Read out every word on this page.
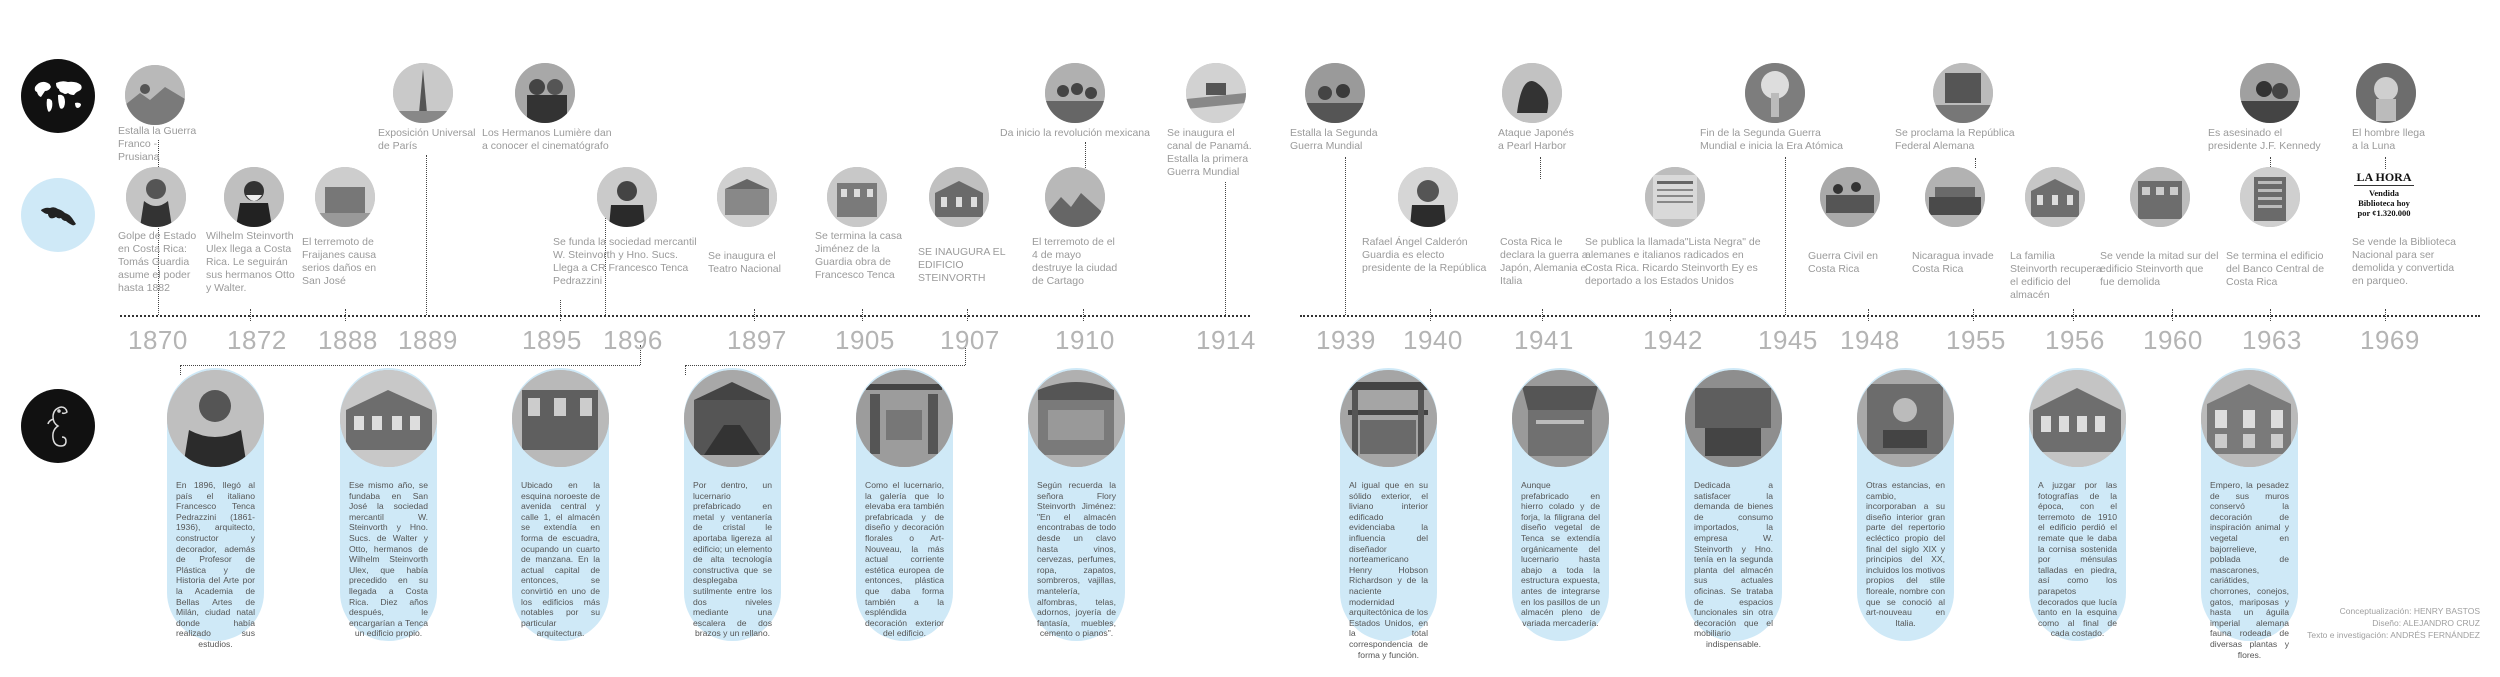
1870 1872 1888 1889 1895 1896 1897 1905 1907 1910	1914 1939 1940 1941	1942 1945 1948 1955 1956 1960 1963 1969
Estalla la Guerra Franco - Prusiana
Exposición Universal de París
Los Hermanos Lumière dan a conocer el cinematógrafo
Da inicio la revolución mexicana Se inaugura el canal de Panamá. Estalla la primera Guerra Mundial
Estalla la Segunda Guerra Mundial
Ataque Japonés a Pearl Harbor
Fin de la Segunda Guerra Mundial e inicia la Era Atómica
Se proclama la República Federal Alemana
Es asesinado el presidente J.F. Kennedy
El hombre llega a la Luna
Golpe de Estado en Costa Rica: Tomás Guardia asume el poder hasta 1882
Wilhelm Steinvorth Ulex llega a Costa Rica. Le seguirán sus hermanos Otto y Walter.
El terremoto de Fraijanes causa serios daños en San José
Se funda la sociedad mercantil W. Steinvorth y Hno. Sucs. Llega a CR Francesco Tenca Pedrazzini
Se inaugura el Teatro Nacional
Se termina la casa Jiménez de la Guardia obra de Francesco Tenca
SE INAUGURA EL EDIFICIO STEINVORTH
El terremoto de el 4 de mayo destruye la ciudad de Cartago
Rafael Ángel Calderón Guardia es electo presidente de la República
Costa Rica le declara la guerra a Japón, Alemania e Italia
Se publica la llamada"Lista Negra" de alemanes e italianos radicados en Costa Rica. Ricardo Steinvorth Ey es deportado a los Estados Unidos
Guerra Civil en Costa Rica
Nicaragua invade Costa Rica
La familia Steinvorth recupera el edificio del almacén
Se vende la mitad sur del edificio Steinvorth que fue demolida
Se termina el edificio del Banco Central de Costa Rica
LA HORA
Vendida Biblioteca hoy por ¢1.320.000
Se vende la Biblioteca Nacional para ser demolida y convertida en parqueo.
En 1896, llegó al país el italiano Francesco Tenca Pedrazzini (1861-1936), arquitecto, constructor y decorador, además de Profesor de Plástica y de Historia del Arte por la Academia de Bellas Artes de Milán, ciudad natal donde había realizado sus estudios.
Ese mismo año, se fundaba en San José la sociedad mercantil W. Steinvorth y Hno. Sucs. de Walter y Otto, hermanos de Wilhelm Steinvorth Ulex, que había precedido en su llegada a Costa Rica. Diez años después, le encargarían a Tenca un edificio propio.
Ubicado en la esquina noroeste de avenida central y calle 1, el almacén se extendía en forma de escuadra, ocupando un cuarto de manzana. En la actual capital de entonces, se convirtió en uno de los edificios más notables por su particular arquitectura.
Por dentro, un lucernario prefabricado en metal y ventanería de cristal le aportaba ligereza al edificio; un elemento de alta tecnología constructiva que se desplegaba sutilmente entre los dos niveles mediante una escalera de dos brazos y un rellano.
Como el lucernario, la galería que lo elevaba era también prefabricada y de diseño y decoración florales o Art-Nouveau, la más actual corriente estética europea de entonces, plástica que daba forma también a la espléndida decoración exterior del edificio.
Según recuerda la señora Flory Steinvorth Jiménez: "En el almacén encontrabas de todo desde un clavo hasta vinos, cervezas, perfumes, ropa, zapatos, sombreros, vajillas, mantelería, alfombras, telas, adornos, joyería de fantasía, muebles, cemento o pianos".
Al igual que en su sólido exterior, el liviano interior edificado evidenciaba la influencia del diseñador norteamericano Henry Hobson Richardson y de la naciente modernidad arquitectónica de los Estados Unidos, en la total correspondencia de forma y función.
Aunque prefabricado en hierro colado y de forja, la filigrana del diseño vegetal de Tenca se extendía orgánicamente del lucernario hasta abajo a toda la estructura expuesta, antes de integrarse en los pasillos de un almacén pleno de variada mercadería.
Dedicada a satisfacer la demanda de bienes de consumo importados, la empresa W. Steinvorth y Hno. tenía en la segunda planta del almacén sus actuales oficinas. Se trataba de espacios funcionales sin otra decoración que el mobiliario indispensable.
Otras estancias, en cambio, incorporaban a su diseño interior gran parte del repertorio ecléctico propio del final del siglo XIX y principios del XX, incluidos los motivos propios del stile floreale, nombre con que se conoció al art-nouveau en Italia.
A juzgar por las fotografías de la época, con el terremoto de 1910 el edificio perdió el remate que le daba la cornisa sostenida por ménsulas talladas en piedra, así como los parapetos decorados que lucía tanto en la esquina como al final de cada costado.
Empero, la pesadez de sus muros conservó la decoración de inspiración animal y vegetal en bajorrelieve, poblada de mascarones, cariátides, chorrones, conejos, gatos, mariposas y hasta un águila imperial alemana fauna rodeada de diversas plantas y flores.
Conceptualización: HENRY BASTOS
Diseño: ALEJANDRO CRUZ
Texto e investigación: ANDRÉS FERNÁNDEZ
